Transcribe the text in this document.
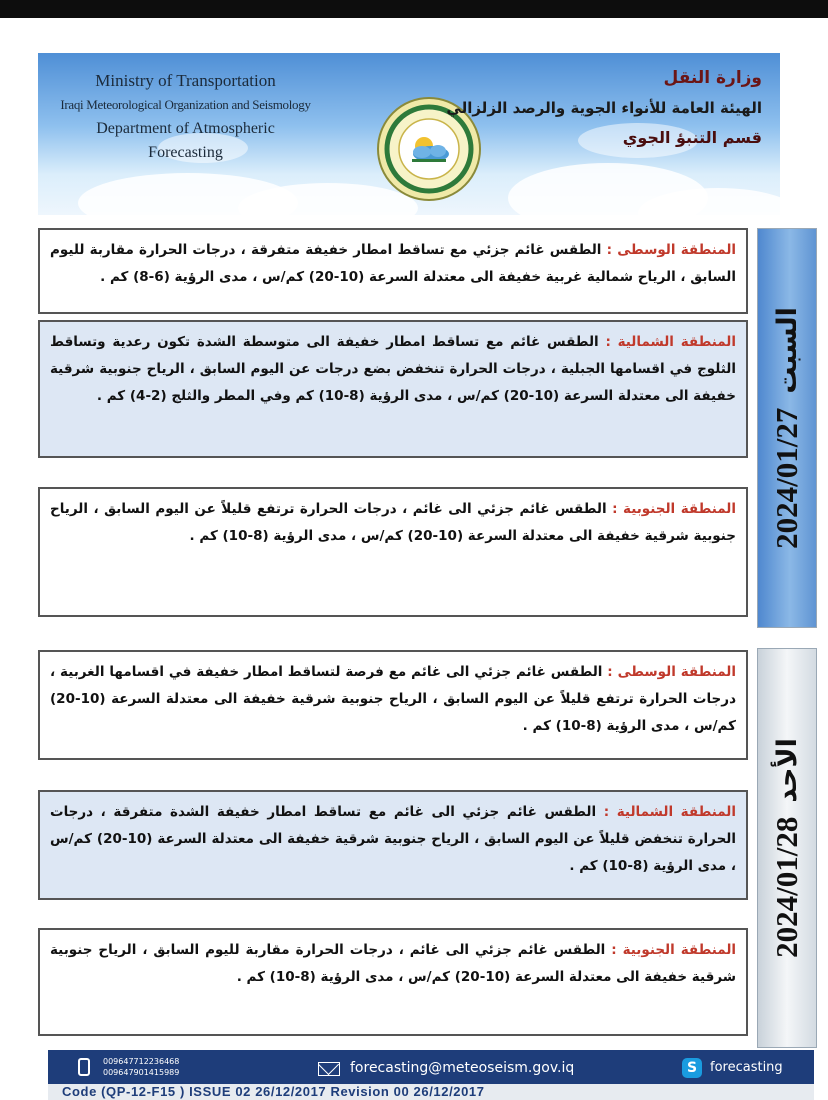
Ministry of Transportation
Iraqi Meteorological Organization and Seismology
Department of Atmospheric Forecasting
وزارة النقل
الهيئة العامة للأنواء الجوية والرصد الزلزالي
قسم التنبؤ الجوي
2024/01/27
السبت
المنطقة الوسطى : الطقس غائم جزئي مع تساقط امطار خفيفة متفرقة ، درجات الحرارة مقاربة لليوم السابق ، الرياح شمالية غربية خفيفة الى معتدلة السرعة (10-20) كم/س ، مدى الرؤية (6-8) كم .
المنطقة الشمالية : الطقس غائم مع تساقط امطار خفيفة الى متوسطة الشدة تكون رعدية وتساقط الثلوج في اقسامها الجبلية ، درجات الحرارة تنخفض بضع درجات عن اليوم السابق ، الرياح جنوبية شرقية خفيفة الى معتدلة السرعة (10-20) كم/س ، مدى الرؤية (8-10) كم وفي المطر والثلج (2-4) كم .
المنطقة الجنوبية : الطقس غائم جزئي الى غائم ، درجات الحرارة ترتفع قليلاً عن اليوم السابق ، الرياح جنوبية شرقية خفيفة الى معتدلة السرعة (10-20) كم/س ، مدى الرؤية (8-10) كم .
2024/01/28
الأحد
المنطقة الوسطى : الطقس غائم جزئي الى غائم مع فرصة لتساقط امطار خفيفة في اقسامها الغربية ، درجات الحرارة ترتفع قليلاً عن اليوم السابق ، الرياح جنوبية شرقية خفيفة الى معتدلة السرعة (10-20) كم/س ، مدى الرؤية (8-10) كم .
المنطقة الشمالية : الطقس غائم جزئي الى غائم مع تساقط امطار خفيفة الشدة متفرقة ، درجات الحرارة تنخفض قليلاً عن اليوم السابق ، الرياح جنوبية شرقية خفيفة الى معتدلة السرعة (10-20) كم/س ، مدى الرؤية (8-10) كم .
المنطقة الجنوبية : الطقس غائم جزئي الى غائم ، درجات الحرارة مقاربة لليوم السابق ، الرياح جنوبية شرقية خفيفة الى معتدلة السرعة (10-20) كم/س ، مدى الرؤية (8-10) كم .
009647712236468
009647901415989	forecasting@meteoseism.gov.iq	S forecasting
Code (QP-12-F15 ) ISSUE 02 26/12/2017 Revision 00 26/12/2017
